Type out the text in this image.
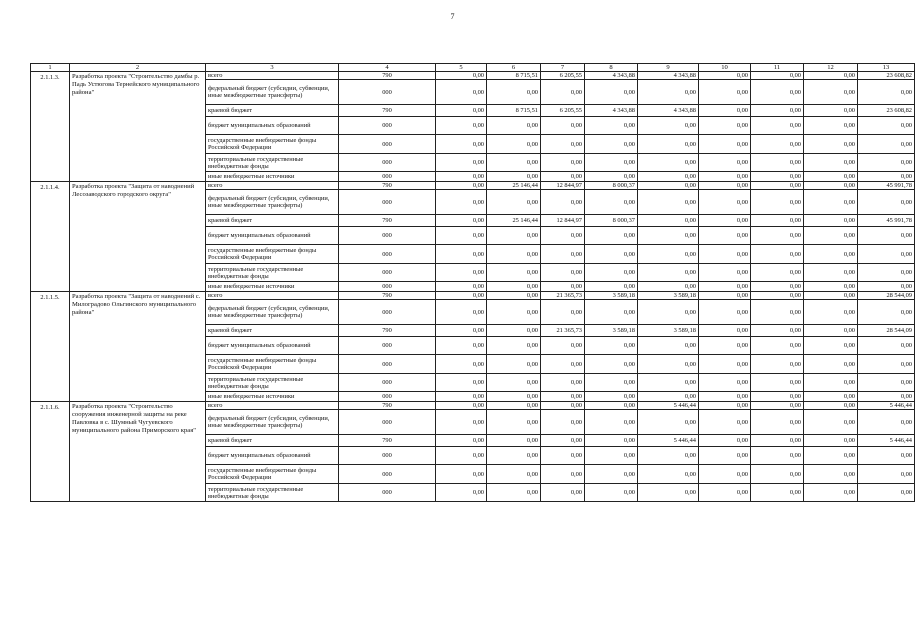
7
1	2	3	4	5	6	7	8	9	10	11	12	13
2.1.1.3.	Разработка проекта "Строительство дамбы р. Падь Устюгова Тернейского муниципального района"	всего	790	0,00	8 715,51	6 205,55	4 343,88	4 343,88	0,00	0,00	0,00	23 608,82
		федеральный бюджет (субсидии, субвенции, иные межбюджетные трансферты)	000	0,00	0,00	0,00	0,00	0,00	0,00	0,00	0,00	0,00
		краевой бюджет	790	0,00	8 715,51	6 205,55	4 343,88	4 343,88	0,00	0,00	0,00	23 608,82
		бюджет муниципальных образований	000	0,00	0,00	0,00	0,00	0,00	0,00	0,00	0,00	0,00
		государственные внебюджетные фонды Российской Федерации	000	0,00	0,00	0,00	0,00	0,00	0,00	0,00	0,00	0,00
		территориальные государственные внебюджетные фонды	000	0,00	0,00	0,00	0,00	0,00	0,00	0,00	0,00	0,00
		иные внебюджетные источники	000	0,00	0,00	0,00	0,00	0,00	0,00	0,00	0,00	0,00
2.1.1.4.	Разработка проекта "Защита от наводнений Лесозаводского городского округа"	всего	790	0,00	25 146,44	12 844,97	8 000,37	0,00	0,00	0,00	0,00	45 991,78
		федеральный бюджет (субсидии, субвенции, иные межбюджетные трансферты)	000	0,00	0,00	0,00	0,00	0,00	0,00	0,00	0,00	0,00
		краевой бюджет	790	0,00	25 146,44	12 844,97	8 000,37	0,00	0,00	0,00	0,00	45 991,78
		бюджет муниципальных образований	000	0,00	0,00	0,00	0,00	0,00	0,00	0,00	0,00	0,00
		государственные внебюджетные фонды Российской Федерации	000	0,00	0,00	0,00	0,00	0,00	0,00	0,00	0,00	0,00
		территориальные государственные внебюджетные фонды	000	0,00	0,00	0,00	0,00	0,00	0,00	0,00	0,00	0,00
		иные внебюджетные источники	000	0,00	0,00	0,00	0,00	0,00	0,00	0,00	0,00	0,00
2.1.1.5.	Разработка проекта "Защита от наводнений с. Милоградово Ольгинского муниципального района"	всего	790	0,00	0,00	21 365,73	3 589,18	3 589,18	0,00	0,00	0,00	28 544,09
		федеральный бюджет (субсидии, субвенции, иные межбюджетные трансферты)	000	0,00	0,00	0,00	0,00	0,00	0,00	0,00	0,00	0,00
		краевой бюджет	790	0,00	0,00	21 365,73	3 589,18	3 589,18	0,00	0,00	0,00	28 544,09
		бюджет муниципальных образований	000	0,00	0,00	0,00	0,00	0,00	0,00	0,00	0,00	0,00
		государственные внебюджетные фонды Российской Федерации	000	0,00	0,00	0,00	0,00	0,00	0,00	0,00	0,00	0,00
		территориальные государственные внебюджетные фонды	000	0,00	0,00	0,00	0,00	0,00	0,00	0,00	0,00	0,00
		иные внебюджетные источники	000	0,00	0,00	0,00	0,00	0,00	0,00	0,00	0,00	0,00
2.1.1.6.	Разработка проекта "Строительство сооружения инженерной защиты на реке Павловка в с. Шумный Чугуевского муниципального района Приморского края"	всего	790	0,00	0,00	0,00	0,00	5 446,44	0,00	0,00	0,00	5 446,44
		федеральный бюджет (субсидии, субвенции, иные межбюджетные трансферты)	000	0,00	0,00	0,00	0,00	0,00	0,00	0,00	0,00	0,00
		краевой бюджет	790	0,00	0,00	0,00	0,00	5 446,44	0,00	0,00	0,00	5 446,44
		бюджет муниципальных образований	000	0,00	0,00	0,00	0,00	0,00	0,00	0,00	0,00	0,00
		государственные внебюджетные фонды Российской Федерации	000	0,00	0,00	0,00	0,00	0,00	0,00	0,00	0,00	0,00
		территориальные государственные внебюджетные фонды	000	0,00	0,00	0,00	0,00	0,00	0,00	0,00	0,00	0,00
